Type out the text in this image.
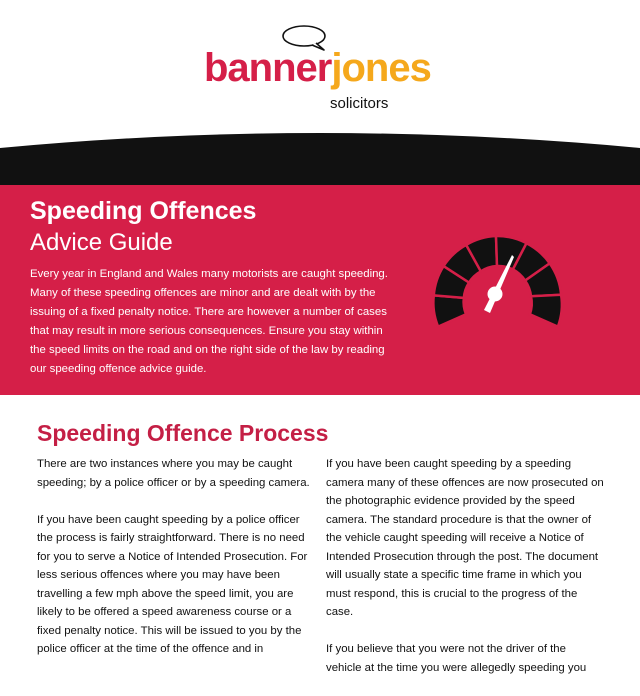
bannerjones
solicitors
Speeding Offences
Advice Guide
Every year in England and Wales many motorists are caught speeding. Many of these speeding offences are minor and are dealt with by the issuing of a fixed penalty notice. There are however a number of cases that may result in more serious consequences. Ensure you stay within the speed limits on the road and on the right side of the law by reading our speeding offence advice guide.
Speeding Offence Process

There are two instances where you may be caught speeding; by a police officer or by a speeding camera.

If you have been caught speeding by a police officer the process is fairly straightforward. There is no need for you to serve a Notice of Intended Prosecution. For less serious offences where you may have been travelling a few mph above the speed limit, you are likely to be offered a speed awareness course or a fixed penalty notice. This will be issued to you by the police officer at the time of the offence and in

If you have been caught speeding by a speeding camera many of these offences are now prosecuted on the photographic evidence provided by the speed camera. The standard procedure is that the owner of the vehicle caught speeding will receive a Notice of Intended Prosecution through the post. The document will usually state a specific time frame in which you must respond, this is crucial to the progress of the case.

If you believe that you were not the driver of the vehicle at the time you were allegedly speeding you
